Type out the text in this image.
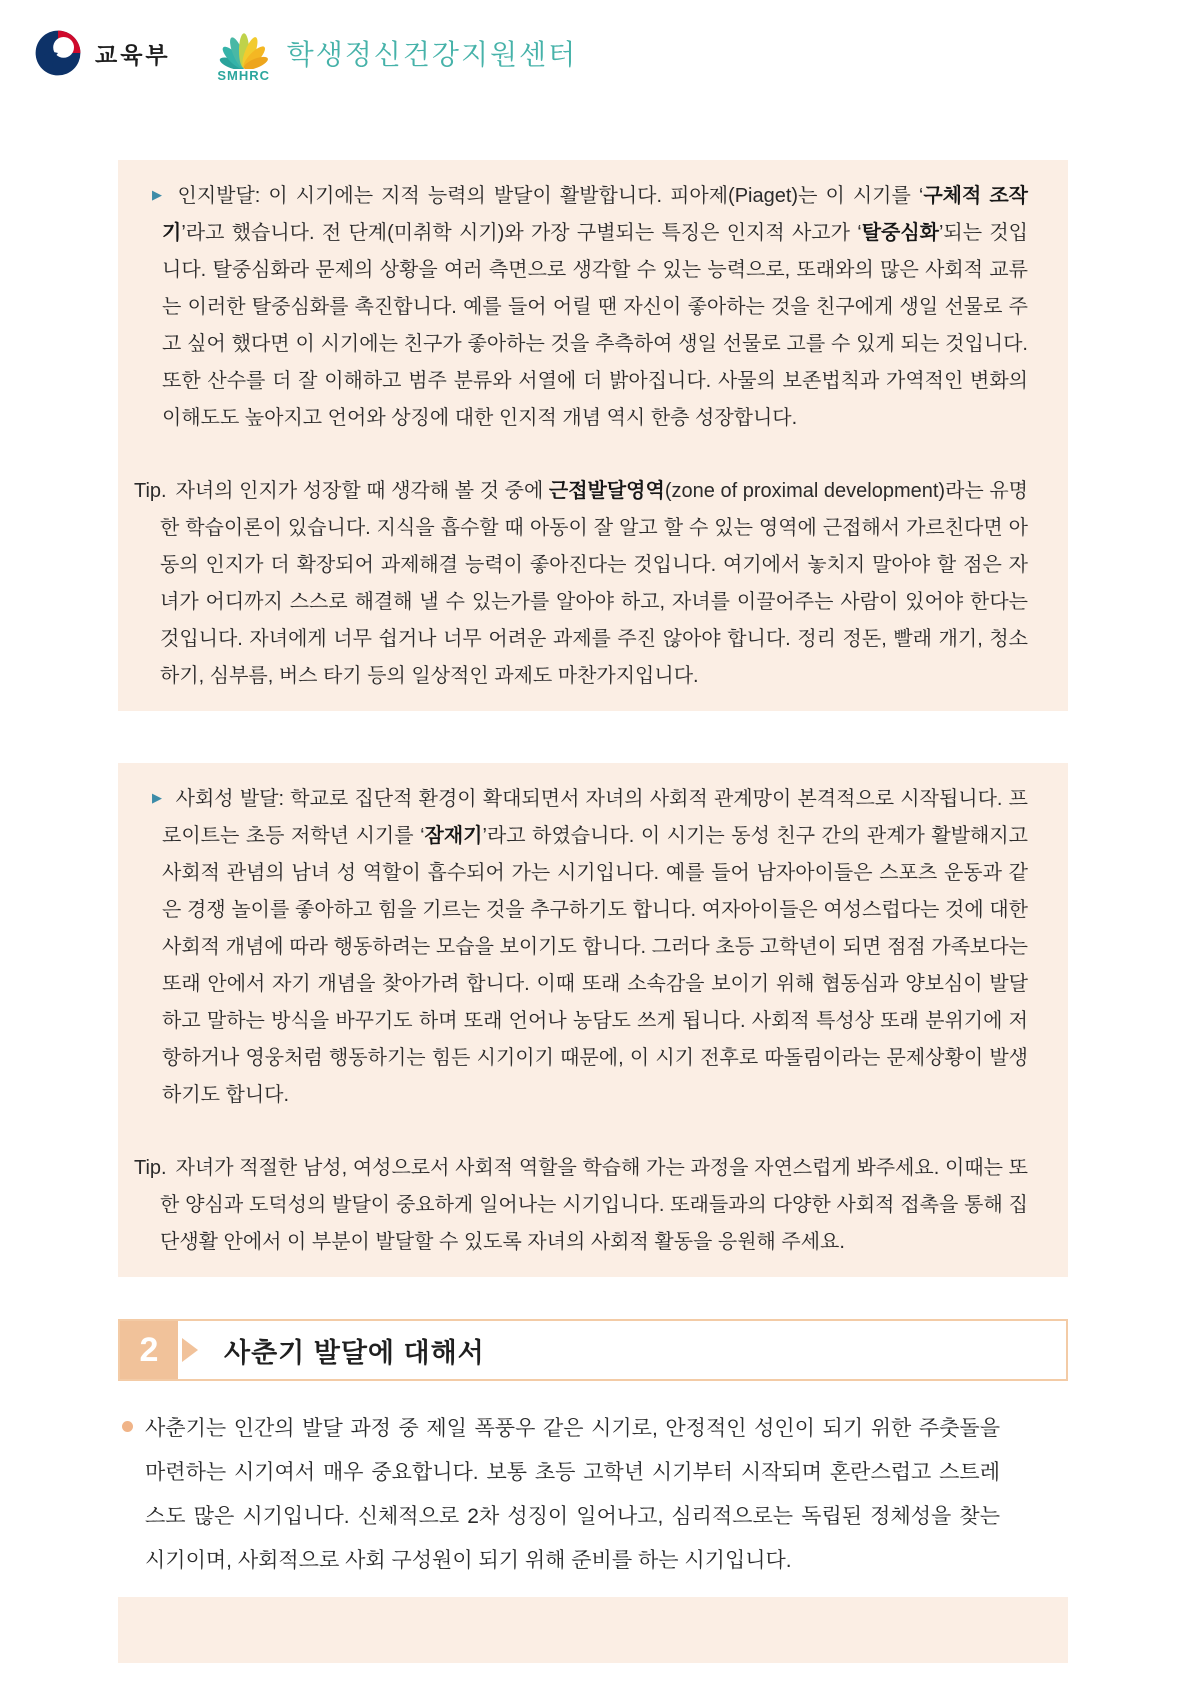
교육부
SMHRC
학생정신건강지원센터

▶ 인지발달: 이 시기에는 지적 능력의 발달이 활발합니다. 피아제(Piaget)는 이 시기를 ‘구체적 조작기’라고 했습니다. 전 단계(미취학 시기)와 가장 구별되는 특징은 인지적 사고가 ‘탈중심화’되는 것입니다. 탈중심화라 문제의 상황을 여러 측면으로 생각할 수 있는 능력으로, 또래와의 많은 사회적 교류는 이러한 탈중심화를 촉진합니다. 예를 들어 어릴 땐 자신이 좋아하는 것을 친구에게 생일 선물로 주고 싶어 했다면 이 시기에는 친구가 좋아하는 것을 추측하여 생일 선물로 고를 수 있게 되는 것입니다. 또한 산수를 더 잘 이해하고 범주 분류와 서열에 더 밝아집니다. 사물의 보존법칙과 가역적인 변화의 이해도도 높아지고 언어와 상징에 대한 인지적 개념 역시 한층 성장합니다.

Tip. 자녀의 인지가 성장할 때 생각해 볼 것 중에 근접발달영역(zone of proximal development)라는 유명한 학습이론이 있습니다. 지식을 흡수할 때 아동이 잘 알고 할 수 있는 영역에 근접해서 가르친다면 아동의 인지가 더 확장되어 과제해결 능력이 좋아진다는 것입니다. 여기에서 놓치지 말아야 할 점은 자녀가 어디까지 스스로 해결해 낼 수 있는가를 알아야 하고, 자녀를 이끌어주는 사람이 있어야 한다는 것입니다. 자녀에게 너무 쉽거나 너무 어려운 과제를 주진 않아야 합니다. 정리 정돈, 빨래 개기, 청소하기, 심부름, 버스 타기 등의 일상적인 과제도 마찬가지입니다.

▶ 사회성 발달: 학교로 집단적 환경이 확대되면서 자녀의 사회적 관계망이 본격적으로 시작됩니다. 프로이트는 초등 저학년 시기를 ‘잠재기’라고 하였습니다. 이 시기는 동성 친구 간의 관계가 활발해지고 사회적 관념의 남녀 성 역할이 흡수되어 가는 시기입니다. 예를 들어 남자아이들은 스포츠 운동과 같은 경쟁 놀이를 좋아하고 힘을 기르는 것을 추구하기도 합니다. 여자아이들은 여성스럽다는 것에 대한 사회적 개념에 따라 행동하려는 모습을 보이기도 합니다. 그러다 초등 고학년이 되면 점점 가족보다는 또래 안에서 자기 개념을 찾아가려 합니다. 이때 또래 소속감을 보이기 위해 협동심과 양보심이 발달하고 말하는 방식을 바꾸기도 하며 또래 언어나 농담도 쓰게 됩니다. 사회적 특성상 또래 분위기에 저항하거나 영웅처럼 행동하기는 힘든 시기이기 때문에, 이 시기 전후로 따돌림이라는 문제상황이 발생하기도 합니다.

Tip. 자녀가 적절한 남성, 여성으로서 사회적 역할을 학습해 가는 과정을 자연스럽게 봐주세요. 이때는 또한 양심과 도덕성의 발달이 중요하게 일어나는 시기입니다. 또래들과의 다양한 사회적 접촉을 통해 집단생활 안에서 이 부분이 발달할 수 있도록 자녀의 사회적 활동을 응원해 주세요.

2	사춘기 발달에 대해서

사춘기는 인간의 발달 과정 중 제일 폭풍우 같은 시기로, 안정적인 성인이 되기 위한 주춧돌을 마련하는 시기여서 매우 중요합니다. 보통 초등 고학년 시기부터 시작되며 혼란스럽고 스트레스도 많은 시기입니다. 신체적으로 2차 성징이 일어나고, 심리적으로는 독립된 정체성을 찾는 시기이며, 사회적으로 사회 구성원이 되기 위해 준비를 하는 시기입니다.
